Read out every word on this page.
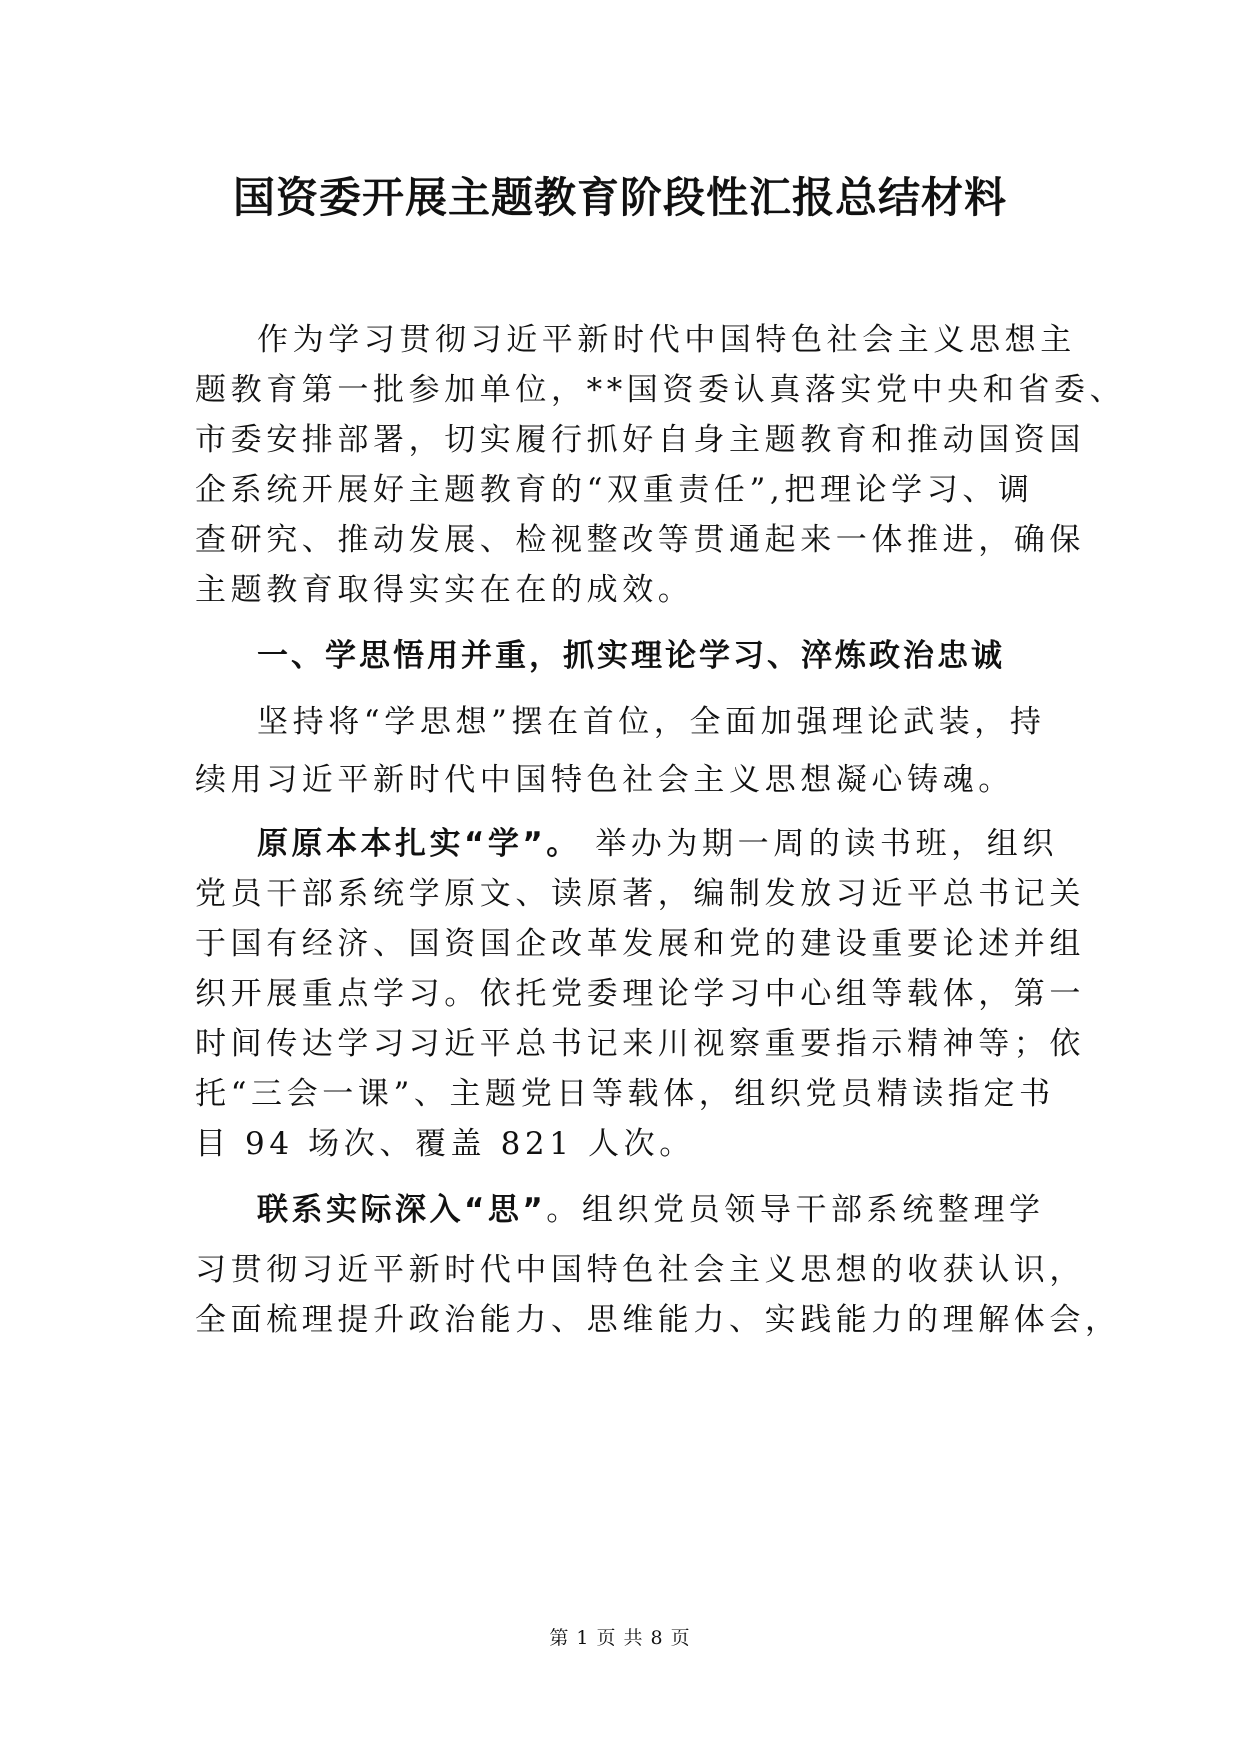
国资委开展主题教育阶段性汇报总结材料

作为学习贯彻习近平新时代中国特色社会主义思想主

题教育第一批参加单位，**国资委认真落实党中央和省委、

市委安排部署，切实履行抓好自身主题教育和推动国资国

企系统开展好主题教育的“双重责任”,把理论学习、调

查研究、推动发展、检视整改等贯通起来一体推进，确保

主题教育取得实实在在的成效。

一、学思悟用并重，抓实理论学习、淬炼政治忠诚

坚持将“学思想”摆在首位，全面加强理论武装，持

续用习近平新时代中国特色社会主义思想凝心铸魂。

原原本本扎实“学”。 举办为期一周的读书班，组织

党员干部系统学原文、读原著，编制发放习近平总书记关

于国有经济、国资国企改革发展和党的建设重要论述并组

织开展重点学习。依托党委理论学习中心组等载体，第一

时间传达学习习近平总书记来川视察重要指示精神等；依

托“三会一课”、主题党日等载体，组织党员精读指定书

目 94 场次、覆盖 821 人次。

联系实际深入“思”。组织党员领导干部系统整理学

习贯彻习近平新时代中国特色社会主义思想的收获认识，

全面梳理提升政治能力、思维能力、实践能力的理解体会，

第 1 页 共 8 页
